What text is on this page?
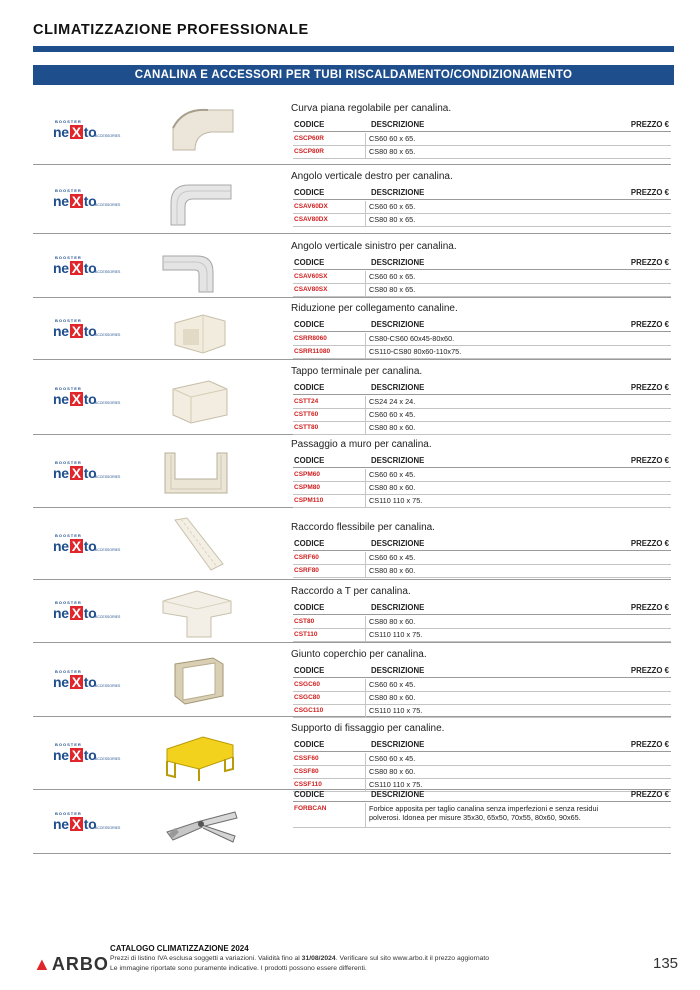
CLIMATIZZAZIONE PROFESSIONALE
CANALINA E ACCESSORI PER TUBI RISCALDAMENTO/CONDIZIONAMENTO
BOOSTER
ne X to
ACCESSORIES
Curva piana regolabile per canalina.
CODICE	DESCRIZIONE	PREZZO €
CSCP60R	CS60 60 x 65.
CSCP80R	CS80 80 x 65.
BOOSTER
ne X to
ACCESSORIES
Angolo verticale destro per canalina.
CODICE	DESCRIZIONE	PREZZO €
CSAV60DX	CS60 60 x 65.
CSAV80DX	CS80 80 x 65.
BOOSTER
ne X to
ACCESSORIES
Angolo verticale sinistro per canalina.
CODICE	DESCRIZIONE	PREZZO €
CSAV60SX	CS60 60 x 65.
CSAV80SX	CS80 80 x 65.
BOOSTER
ne X to
ACCESSORIES
Riduzione per collegamento canaline.
CODICE	DESCRIZIONE	PREZZO €
CSRR8060	CS80-CS60 60x45-80x60.
CSRR11080	CS110-CS80 80x60-110x75.
BOOSTER
ne X to
ACCESSORIES
Tappo terminale per canalina.
CODICE	DESCRIZIONE	PREZZO €
CSTT24	CS24 24 x 24.
CSTT60	CS60 60 x 45.
CSTT80	CS80 80 x 60.
BOOSTER
ne X to
ACCESSORIES
Passaggio a muro per canalina.
CODICE	DESCRIZIONE	PREZZO €
CSPM60	CS60 60 x 45.
CSPM80	CS80 80 x 60.
CSPM110	CS110 110 x 75.
BOOSTER
ne X to
ACCESSORIES
Raccordo flessibile per canalina.
CODICE	DESCRIZIONE	PREZZO €
CSRF60	CS60 60 x 45.
CSRF80	CS80 80 x 60.
BOOSTER
ne X to
ACCESSORIES
Raccordo a T per canalina.
CODICE	DESCRIZIONE	PREZZO €
CST80	CS80 80 x 60.
CST110	CS110 110 x 75.
BOOSTER
ne X to
ACCESSORIES
Giunto coperchio per canalina.
CODICE	DESCRIZIONE	PREZZO €
CSGC60	CS60 60 x 45.
CSGC80	CS80 80 x 60.
CSGC110	CS110 110 x 75.
BOOSTER
ne X to
ACCESSORIES
Supporto di fissaggio per canaline.
CODICE	DESCRIZIONE	PREZZO €
CSSF60	CS60 60 x 45.
CSSF80	CS80 80 x 60.
CSSF110	CS110 110 x 75.
BOOSTER
ne X to
ACCESSORIES
CODICE	DESCRIZIONE	PREZZO €
FORBCAN	Forbice apposita per taglio canalina senza imperfezioni e senza residui polverosi. Idonea per misure 35x30, 65x50, 70x55, 80x60, 90x65.
▲ARBO
CATALOGO CLIMATIZZAZIONE 2024
Prezzi di listino IVA esclusa soggetti a variazioni. Validità fino al 31/08/2024. Verificare sul sito www.arbo.it il prezzo aggiornato
Le immagine riportate sono puramente indicative. I prodotti possono essere differenti.	135
